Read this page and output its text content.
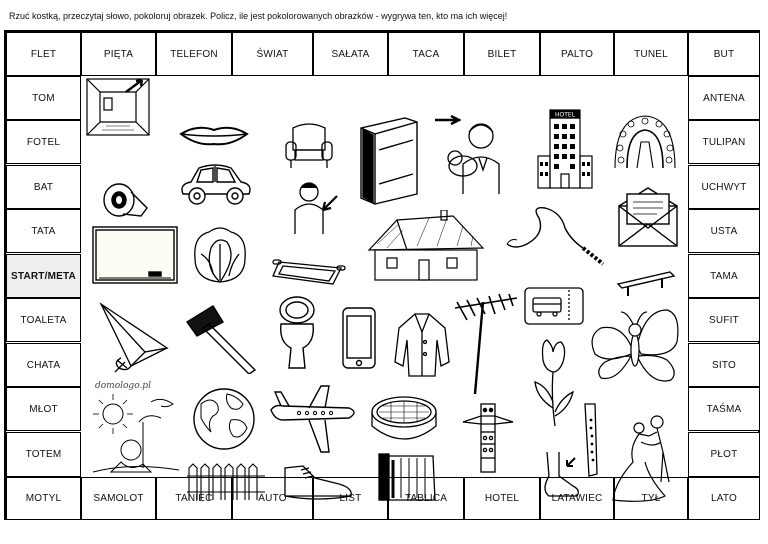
Rzuć kostką, przeczytaj słowo, pokoloruj obrazek. Policz, ile jest pokolorowanych obrazków - wygrywa ten, kto ma ich więcej!
FLET	PIĘTA	TELEFON	ŚWIAT	SAŁATA	TACA	BILET	PALTO	TUNEL	BUT
TOM
FOTEL
BAT
TATA
START/META
TOALETA
CHATA
MŁOT
TOTEM
ANTENA
TULIPAN
UCHWYT
USTA
TAMA
SUFIT
SITO
TAŚMA
PŁOT
MOTYL	SAMOLOT	TANIEC	AUTO	LIST	TABLICA	HOTEL	LATAWIEC	TYŁ	LATO
HOTEL
domologo.pl
